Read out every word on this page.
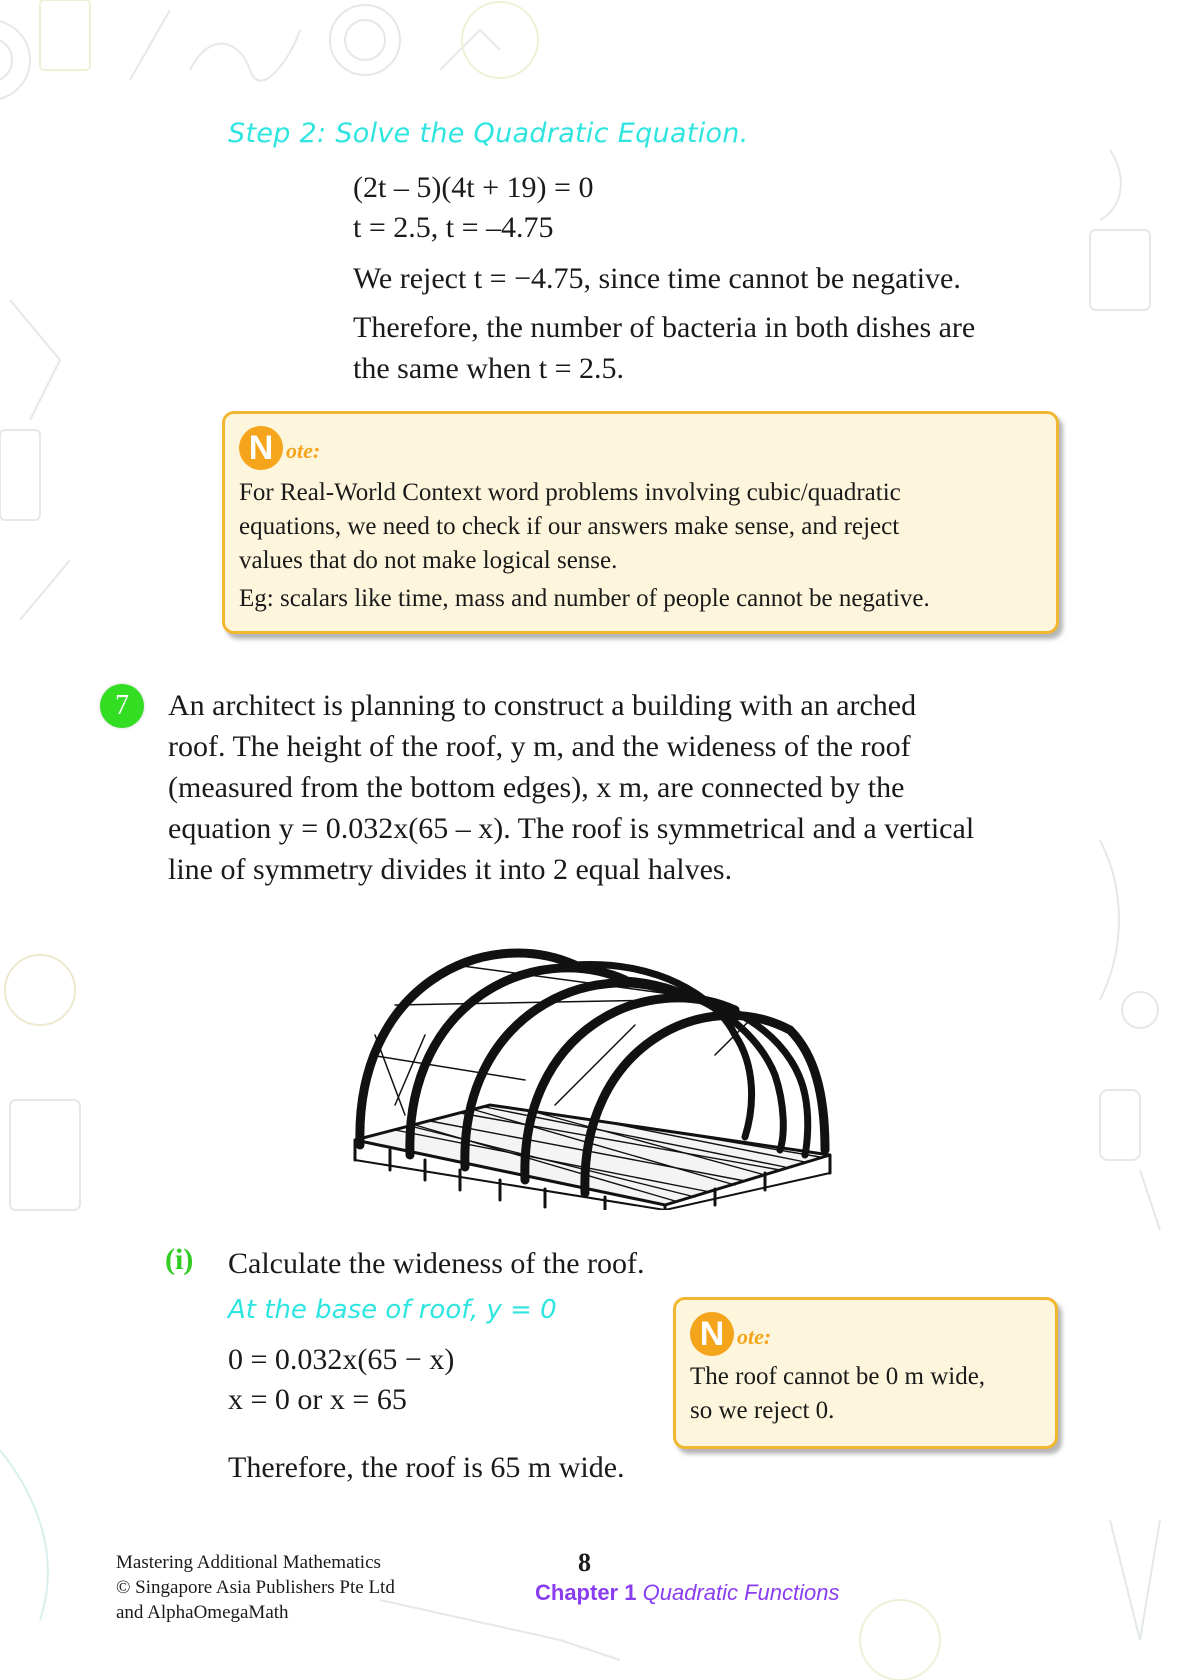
Step 2: Solve the Quadratic Equation.
(2t – 5)(4t + 19) = 0
t = 2.5, t = –4.75
We reject t = −4.75, since time cannot be negative.
Therefore, the number of bacteria in both dishes are
the same when t = 2.5.
N ote:
For Real-World Context word problems involving cubic/quadratic
equations, we need to check if our answers make sense, and reject
values that do not make logical sense.
Eg: scalars like time, mass and number of people cannot be negative.
7	An architect is planning to construct a building with an arched
roof. The height of the roof, y m, and the wideness of the roof
(measured from the bottom edges), x m, are connected by the
equation y = 0.032x(65 – x). The roof is symmetrical and a vertical
line of symmetry divides it into 2 equal halves.
(i) Calculate the wideness of the roof.
At the base of roof, y = 0
0 = 0.032x(65 − x)
x = 0 or x = 65
Therefore, the roof is 65 m wide.
N ote:
The roof cannot be 0 m wide,
so we reject 0.
Mastering Additional Mathematics
© Singapore Asia Publishers Pte Ltd
and AlphaOmegaMath
8
Chapter 1 Quadratic Functions
